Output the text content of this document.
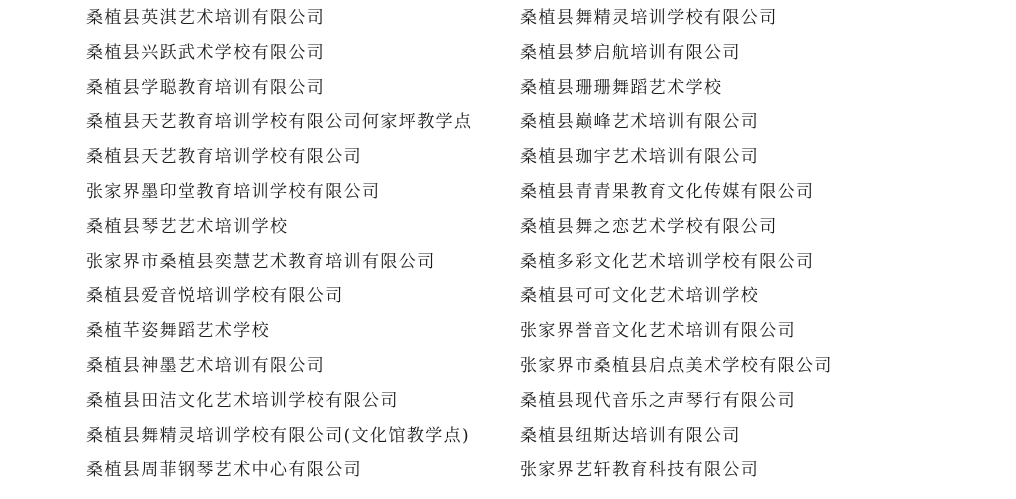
桑植县英淇艺术培训有限公司
桑植县兴跃武术学校有限公司
桑植县学聪教育培训有限公司
桑植县天艺教育培训学校有限公司何家坪教学点
桑植县天艺教育培训学校有限公司
张家界墨印堂教育培训学校有限公司
桑植县琴艺艺术培训学校
张家界市桑植县奕慧艺术教育培训有限公司
桑植县爱音悦培训学校有限公司
桑植芊姿舞蹈艺术学校
桑植县神墨艺术培训有限公司
桑植县田洁文化艺术培训学校有限公司
桑植县舞精灵培训学校有限公司(文化馆教学点)
桑植县周菲钢琴艺术中心有限公司
桑植县舞精灵培训学校有限公司
桑植县梦启航培训有限公司
桑植县珊珊舞蹈艺术学校
桑植县巅峰艺术培训有限公司
桑植县珈宇艺术培训有限公司
桑植县青青果教育文化传媒有限公司
桑植县舞之恋艺术学校有限公司
桑植多彩文化艺术培训学校有限公司
桑植县可可文化艺术培训学校
张家界誉音文化艺术培训有限公司
张家界市桑植县启点美术学校有限公司
桑植县现代音乐之声琴行有限公司
桑植县纽斯达培训有限公司
张家界艺轩教育科技有限公司
